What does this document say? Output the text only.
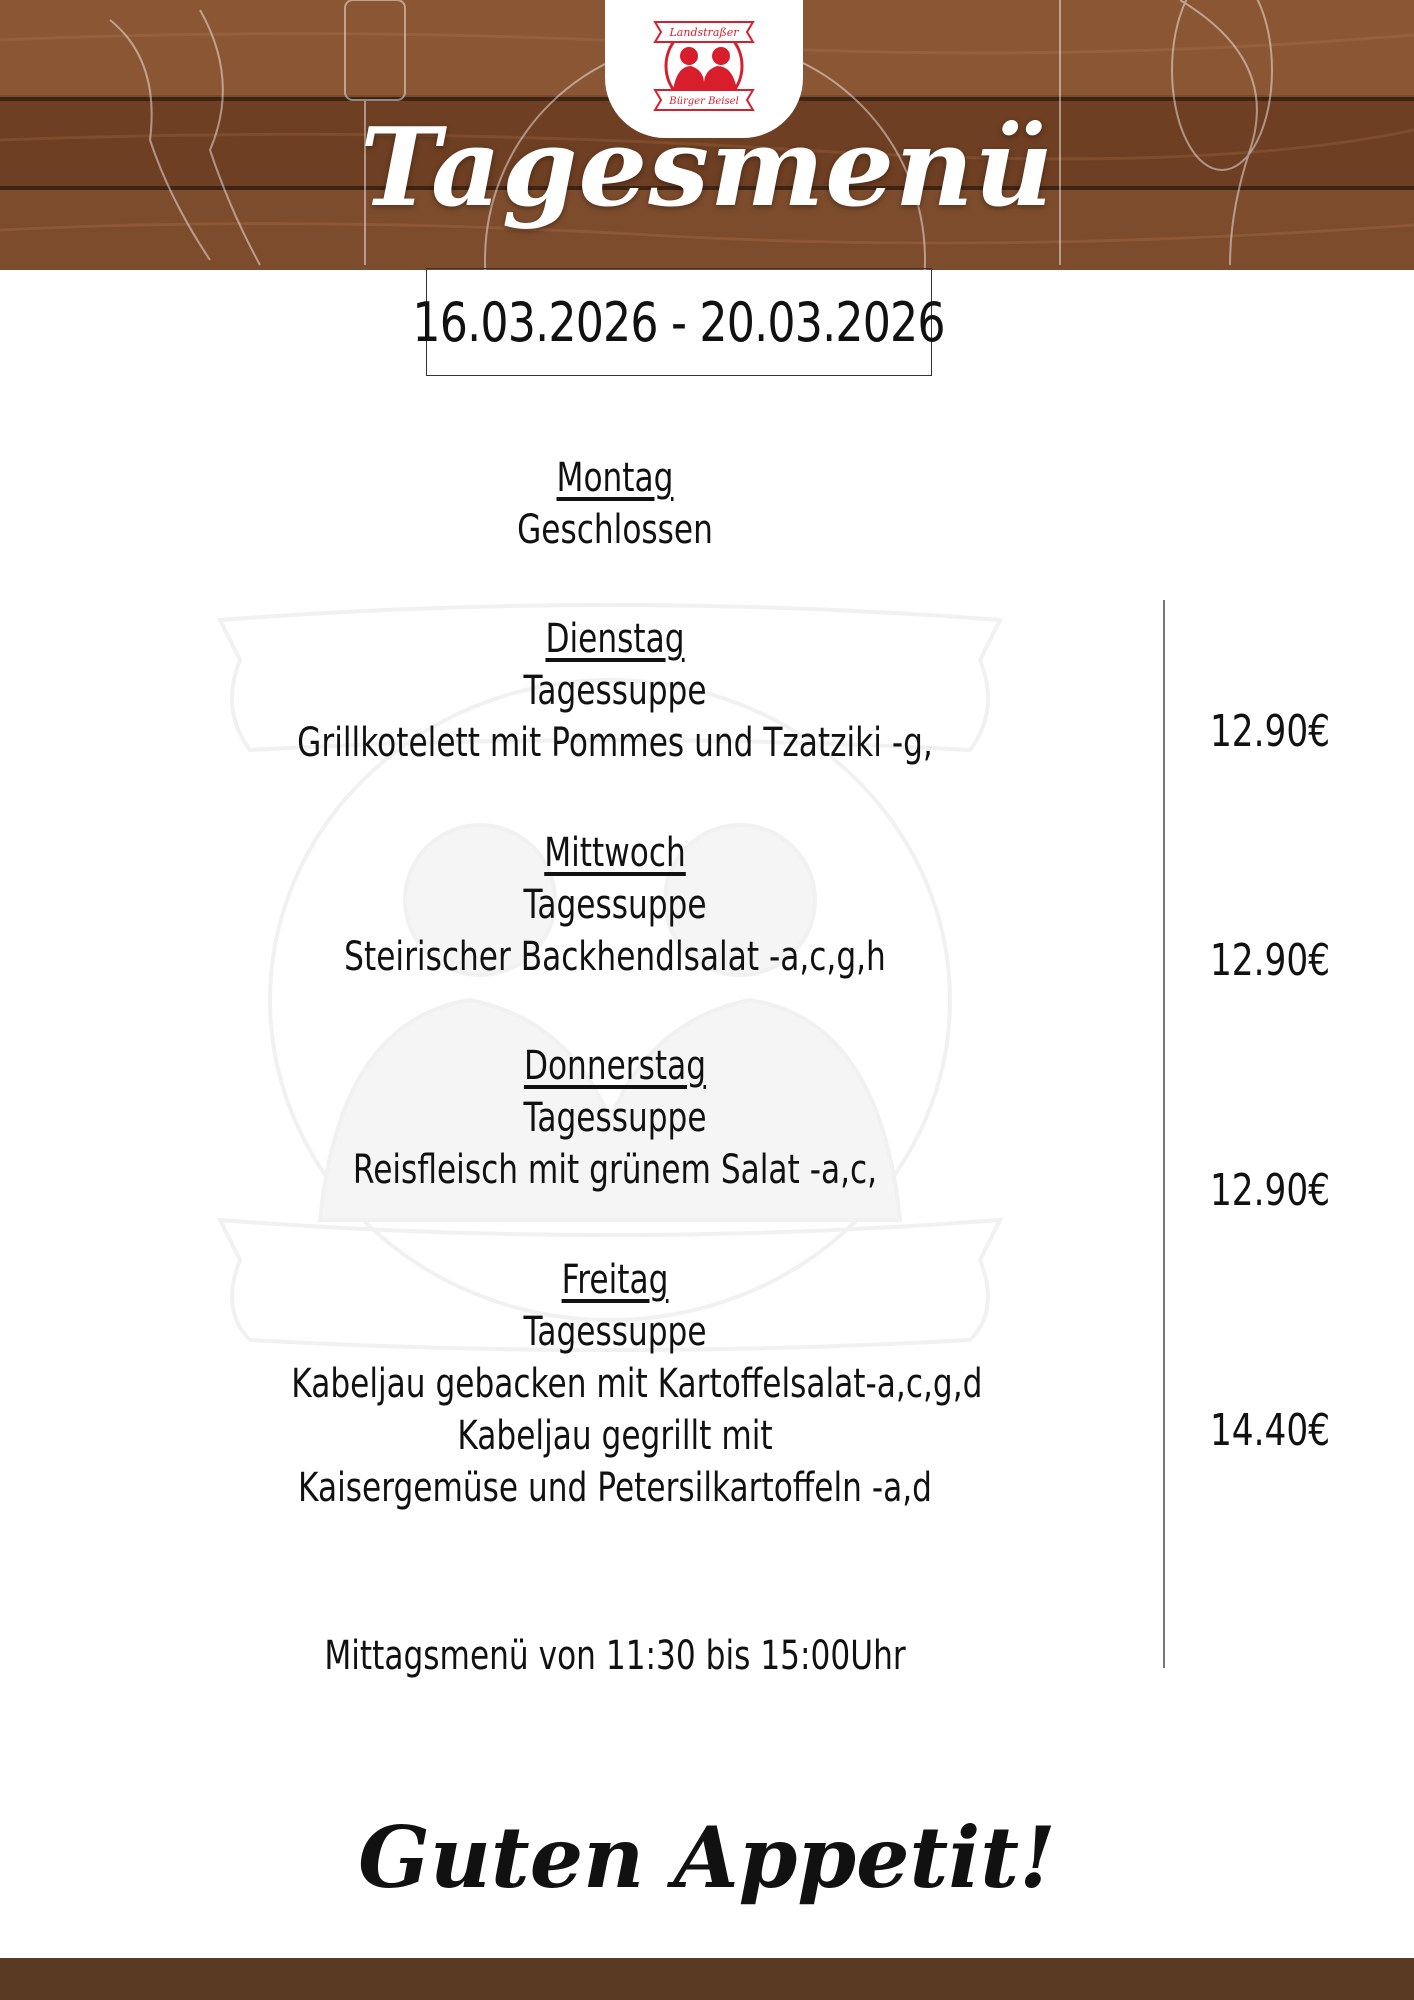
Landstraßer
Bürger Beisel
Tagesmenü
16.03.2026 - 20.03.2026
Montag
Geschlossen
Dienstag
Tagessuppe
Grillkotelett mit Pommes und Tzatziki -g,	12.90€
Mittwoch
Tagessuppe
Steirischer Backhendlsalat -a,c,g,h	12.90€
Donnerstag
Tagessuppe
Reisfleisch mit grünem Salat -a,c,	12.90€
Freitag
Tagessuppe
Kabeljau gebacken mit Kartoffelsalat-a,c,g,d
Kabeljau gegrillt mit
Kaisergemüse und Petersilkartoffeln -a,d
14.40€
Mittagsmenü von 11:30 bis 15:00Uhr
Guten Appetit!
